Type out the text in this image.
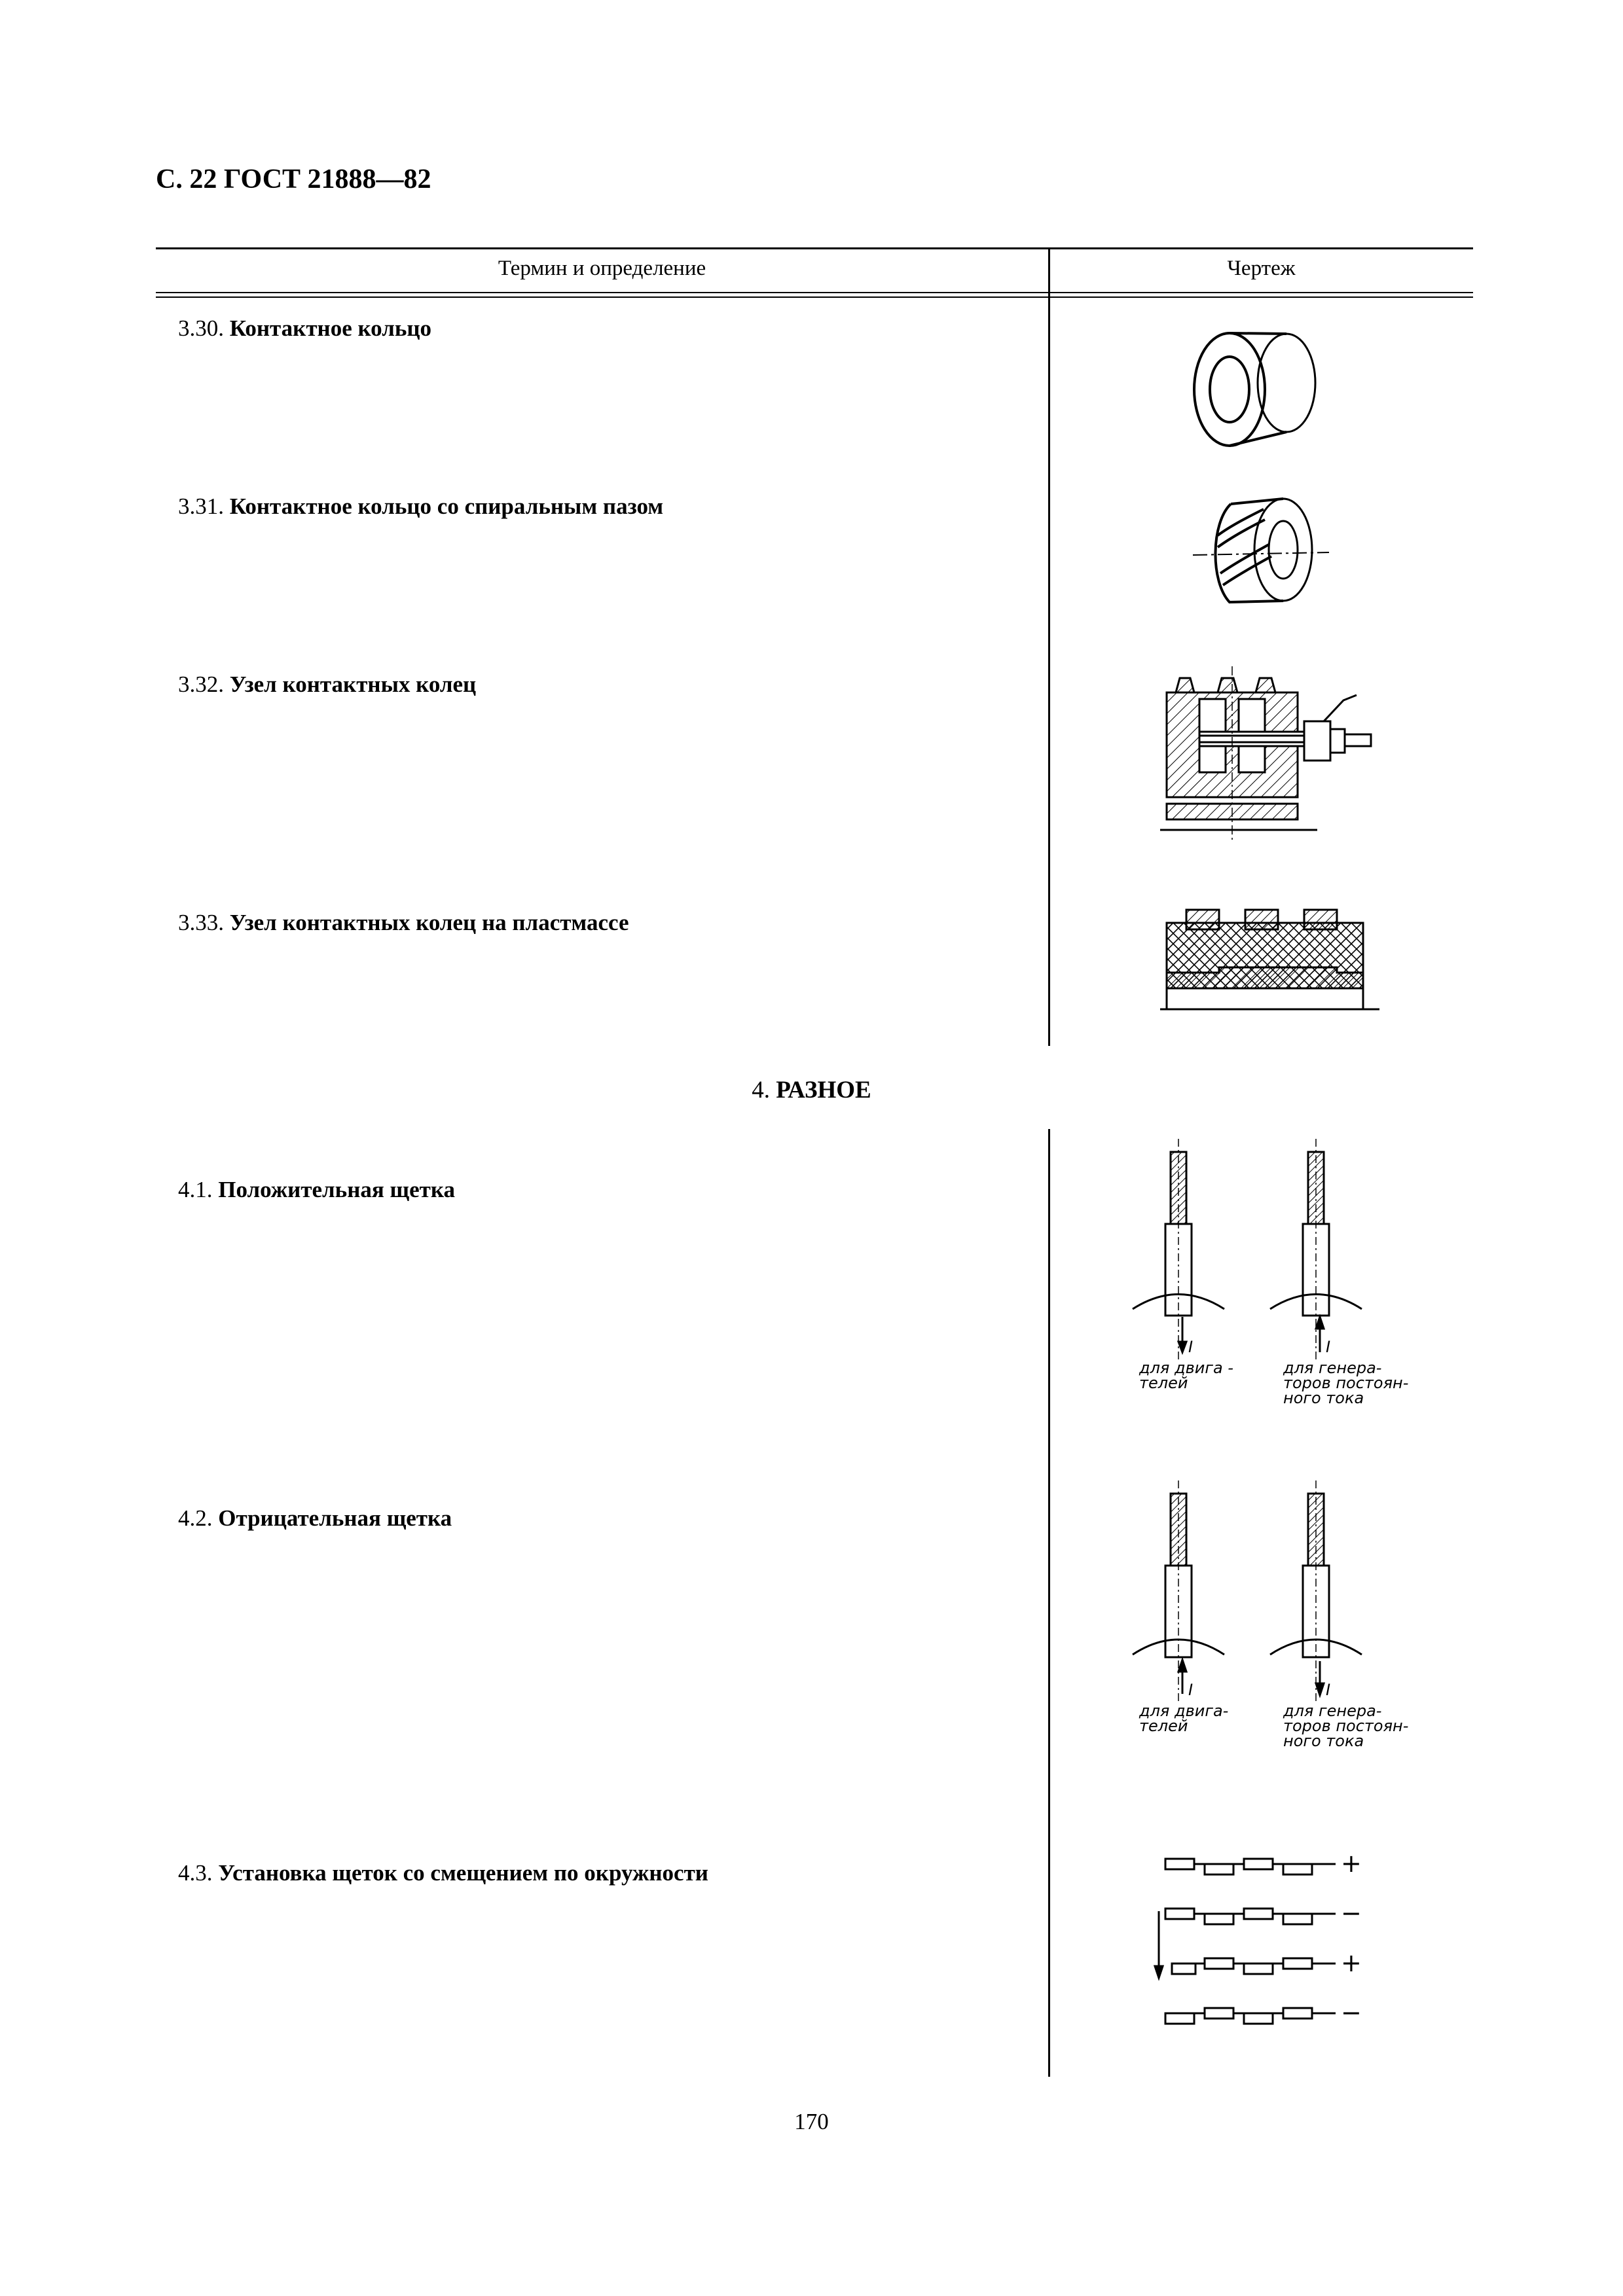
С. 22 ГОСТ 21888—82
Термин и определение	Чертеж
3.30. Контактное кольцо
3.31. Контактное кольцо со спиральным пазом
3.32. Узел контактных колец
3.33. Узел контактных колец на пластмассе
4. РАЗНОЕ
4.1. Положительная щетка
4.2. Отрицательная щетка
4.3. Установка щеток со смещением по окружности
I	I
для двига -
телей
для генера-
торов постоян-
ного тока
I	I
для двига-
телей
для генера-
торов постоян-
ного тока
+
−
+
−
170
